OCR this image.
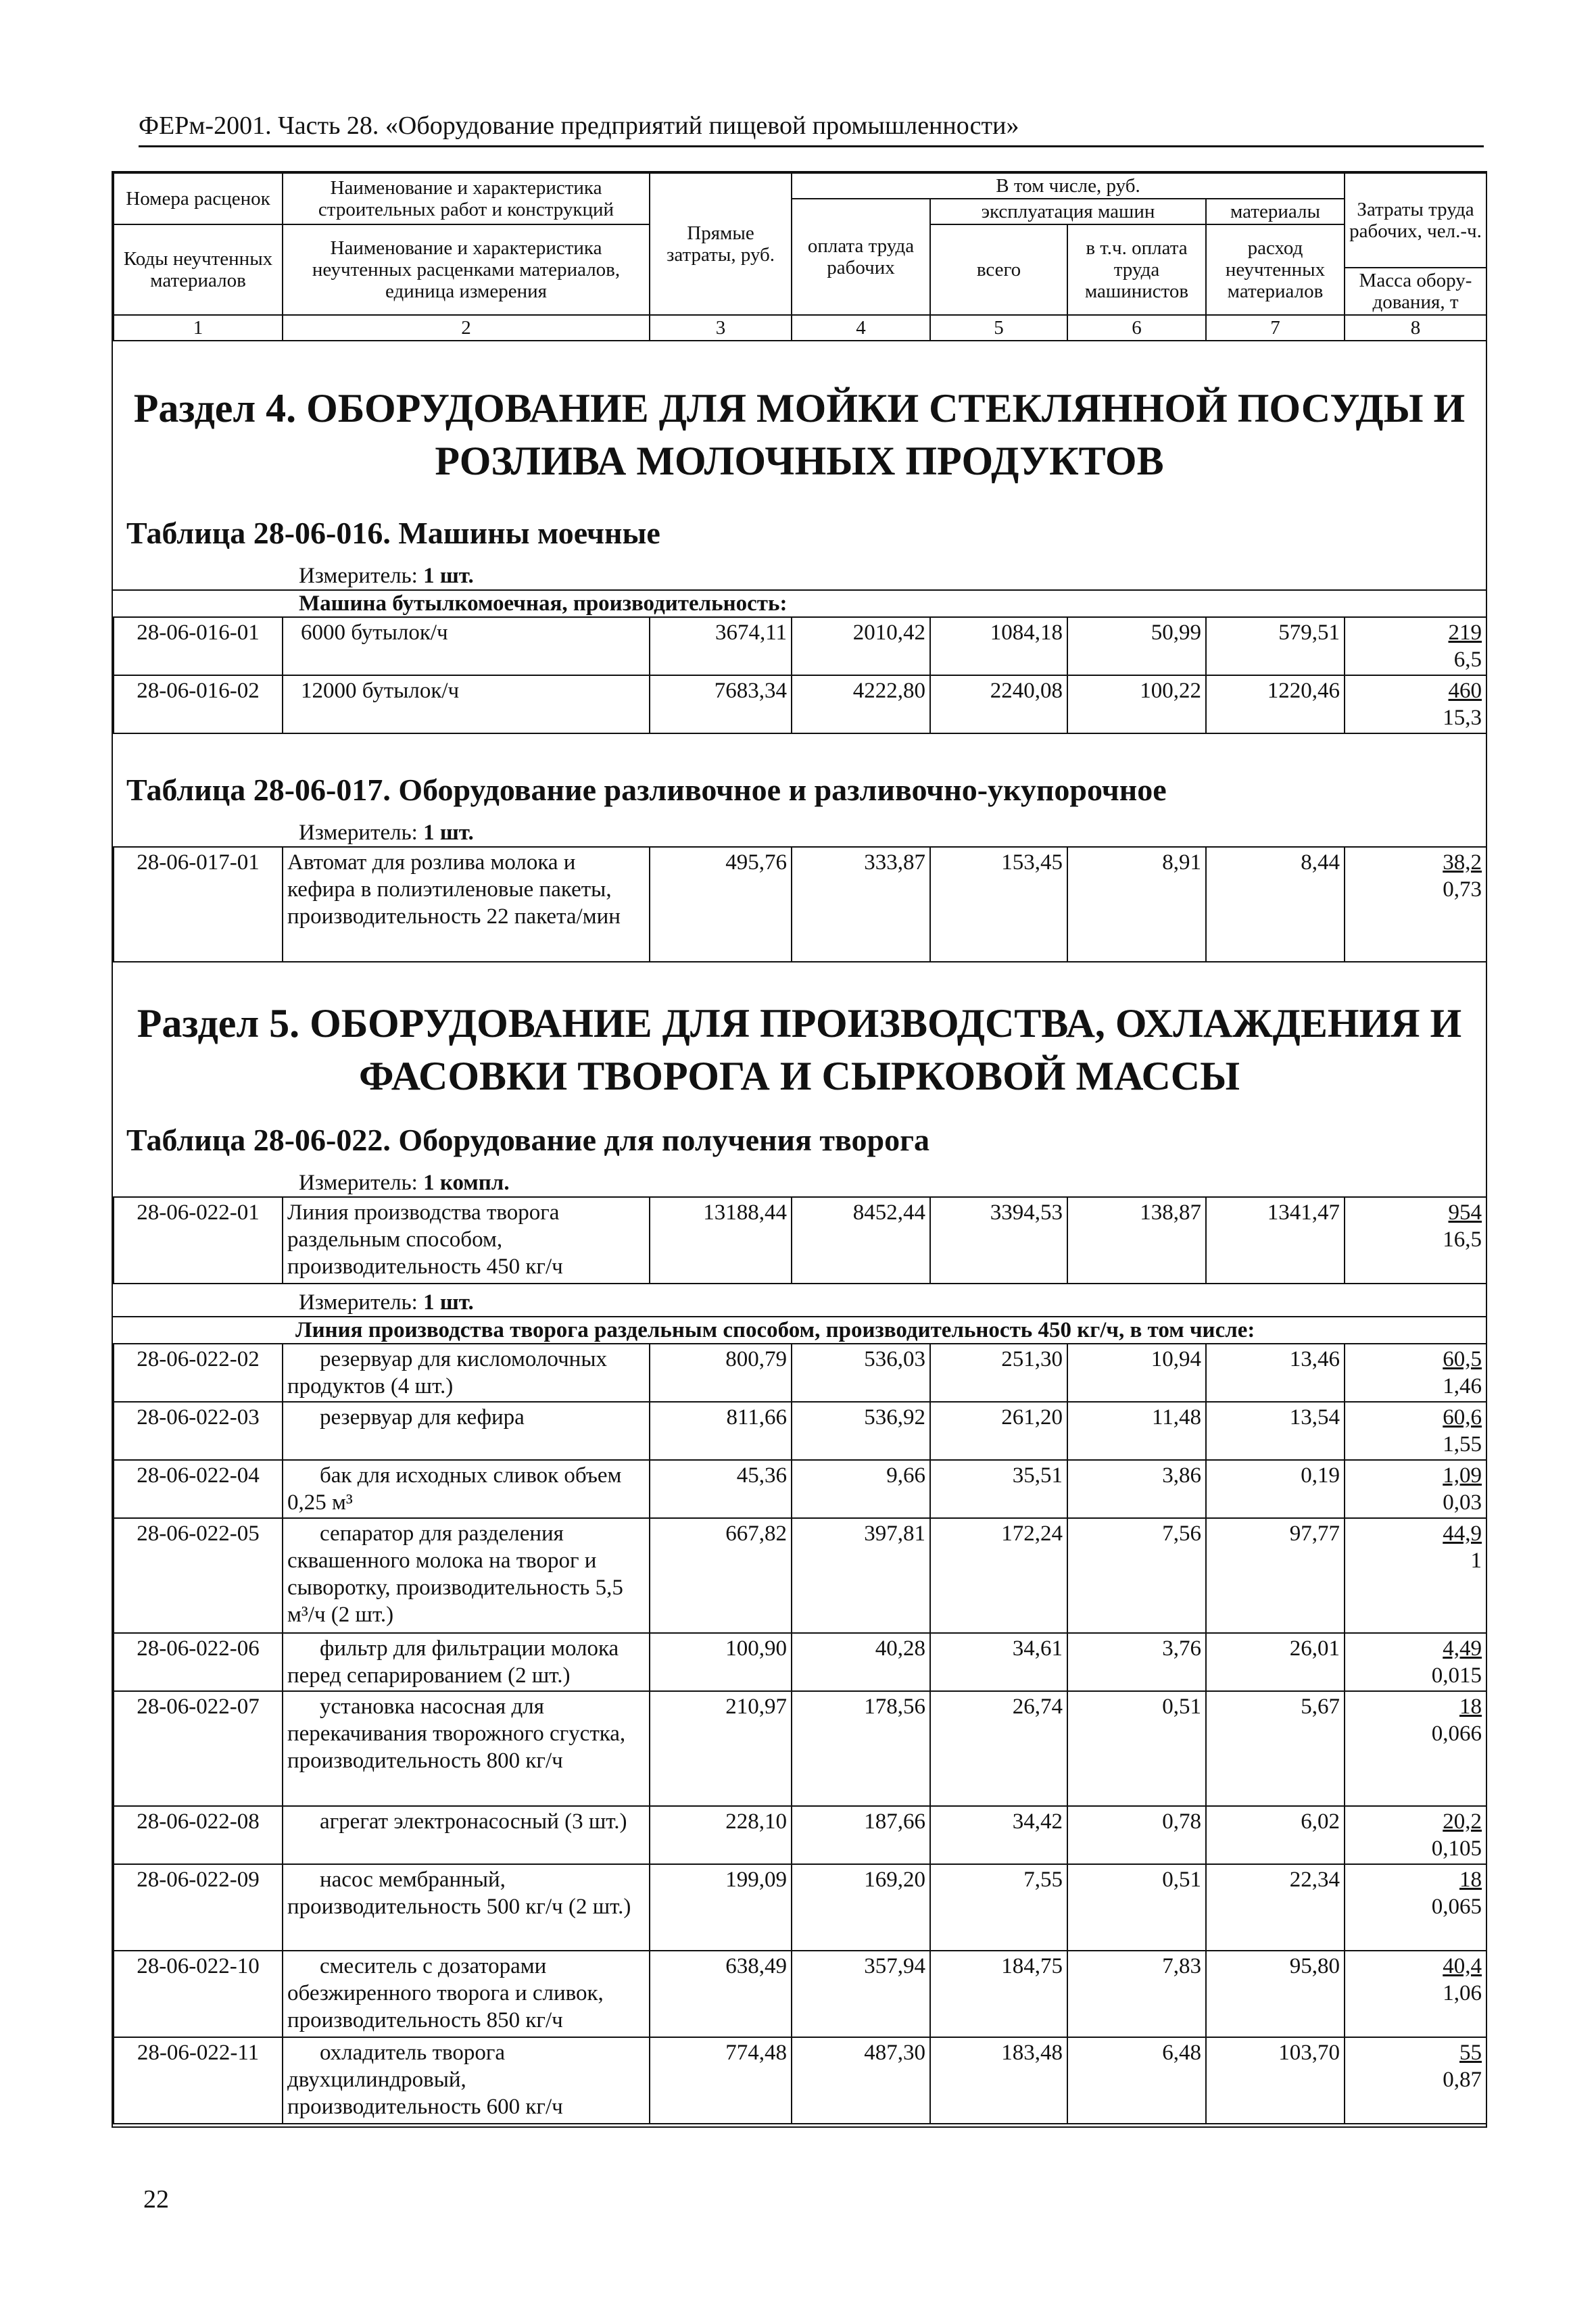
ФЕРм-2001. Часть 28. «Оборудование предприятий пищевой промышленности»
Номера расценок	Наименование и характеристика строительных работ и конструкций	Прямые затраты, руб.	В том числе, руб.				Затраты труда рабочих, чел.-ч.
			оплата труда рабочих	эксплуатация машин		материалы	
Коды неучтенных материалов	Наименование и характеристика неучтенных расценками материалов, единица измерения			всего	в т.ч. оплата труда машинистов	расход неучтенных материалов	
							Масса обору-дования, т
1	2	3	4	5	6	7	8
Раздел 4. ОБОРУДОВАНИЕ ДЛЯ МОЙКИ СТЕКЛЯННОЙ ПОСУДЫ И
РОЗЛИВА МОЛОЧНЫХ ПРОДУКТОВ
Таблица 28-06-016. Машины моечные
Измеритель: 1 шт.
Машина бутылкомоечная, производительность:
28-06-016-01	6000 бутылок/ч	3674,11	2010,42	1084,18	50,99	579,51	219
6,5

28-06-016-02	12000 бутылок/ч	7683,34	4222,80	2240,08	100,22	1220,46	460
15,3
Таблица 28-06-017. Оборудование разливочное и разливочно-укупорочное
Измеритель: 1 шт.
28-06-017-01	Автомат для розлива молока и кефира в полиэтиленовые пакеты, производительность 22 пакета/мин	495,76	333,87	153,45	8,91	8,44	38,2
0,73
Раздел 5. ОБОРУДОВАНИЕ ДЛЯ ПРОИЗВОДСТВА, ОХЛАЖДЕНИЯ И
ФАСОВКИ ТВОРОГА И СЫРКОВОЙ МАССЫ
Таблица 28-06-022. Оборудование для получения творога
Измеритель: 1 компл.
28-06-022-01	Линия производства творога раздельным способом, производительность 450 кг/ч	13188,44	8452,44	3394,53	138,87	1341,47	954
16,5
Измеритель: 1 шт.
Линия производства творога раздельным способом, производительность 450 кг/ч, в том числе:
28-06-022-02	резервуар для кисломолочных продуктов (4 шт.)	800,79	536,03	251,30	10,94	13,46	60,5
1,46

28-06-022-03	резервуар для кефира	811,66	536,92	261,20	11,48	13,54	60,6
1,55

28-06-022-04	бак для исходных сливок объем 0,25 м³	45,36	9,66	35,51	3,86	0,19	1,09
0,03

28-06-022-05	сепаратор для разделения сквашенного молока на творог и сыворотку, производительность 5,5 м³/ч (2 шт.)	667,82	397,81	172,24	7,56	97,77	44,9
1

28-06-022-06	фильтр для фильтрации молока перед сепарированием (2 шт.)	100,90	40,28	34,61	3,76	26,01	4,49
0,015

28-06-022-07	установка насосная для перекачивания творожного сгустка, производительность 800 кг/ч	210,97	178,56	26,74	0,51	5,67	18
0,066

28-06-022-08	агрегат электронасосный (3 шт.)	228,10	187,66	34,42	0,78	6,02	20,2
0,105

28-06-022-09	насос мембранный, производительность 500 кг/ч (2 шт.)	199,09	169,20	7,55	0,51	22,34	18
0,065

28-06-022-10	смеситель с дозаторами обезжиренного творога и сливок, производительность 850 кг/ч	638,49	357,94	184,75	7,83	95,80	40,4
1,06

28-06-022-11	охладитель творога двухцилиндровый, производительность 600 кг/ч	774,48	487,30	183,48	6,48	103,70	55
0,87
22
